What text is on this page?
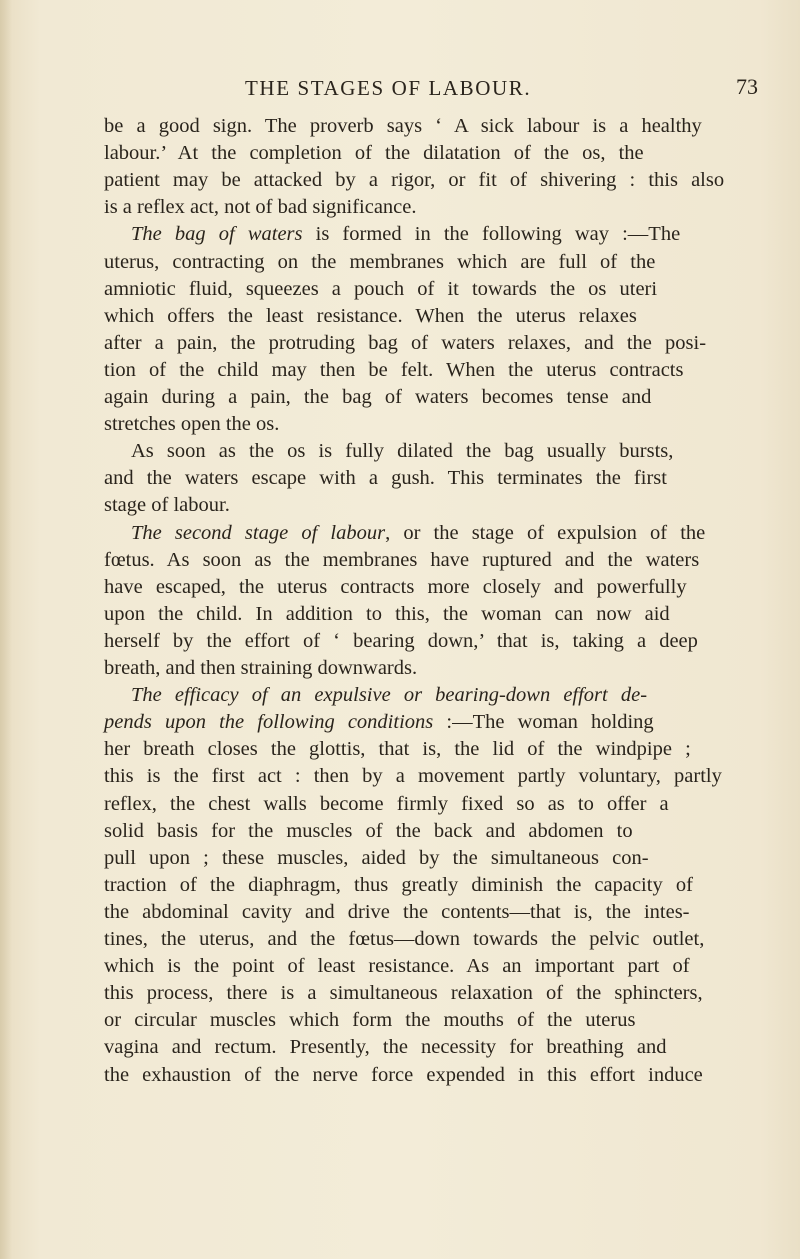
THE STAGES OF LABOUR.	73
be a good sign. The proverb says ‘ A sick labour is a healthy
labour.’ At the completion of the dilatation of the os, the
patient may be attacked by a rigor, or fit of shivering : this also
is a reflex act, not of bad significance.
The bag of waters is formed in the following way :—The
uterus, contracting on the membranes which are full of the
amniotic fluid, squeezes a pouch of it towards the os uteri
which offers the least resistance. When the uterus relaxes
after a pain, the protruding bag of waters relaxes, and the posi-
tion of the child may then be felt. When the uterus contracts
again during a pain, the bag of waters becomes tense and
stretches open the os.
As soon as the os is fully dilated the bag usually bursts,
and the waters escape with a gush. This terminates the first
stage of labour.
The second stage of labour, or the stage of expulsion of the
fœtus. As soon as the membranes have ruptured and the waters
have escaped, the uterus contracts more closely and powerfully
upon the child. In addition to this, the woman can now aid
herself by the effort of ‘ bearing down,’ that is, taking a deep
breath, and then straining downwards.
The efficacy of an expulsive or bearing-down effort de-
pends upon the following conditions :—The woman holding
her breath closes the glottis, that is, the lid of the windpipe ;
this is the first act : then by a movement partly voluntary, partly
reflex, the chest walls become firmly fixed so as to offer a
solid basis for the muscles of the back and abdomen to
pull upon ; these muscles, aided by the simultaneous con-
traction of the diaphragm, thus greatly diminish the capacity of
the abdominal cavity and drive the contents—that is, the intes-
tines, the uterus, and the fœtus—down towards the pelvic outlet,
which is the point of least resistance. As an important part of
this process, there is a simultaneous relaxation of the sphincters,
or circular muscles which form the mouths of the uterus
vagina and rectum. Presently, the necessity for breathing and
the exhaustion of the nerve force expended in this effort induce
